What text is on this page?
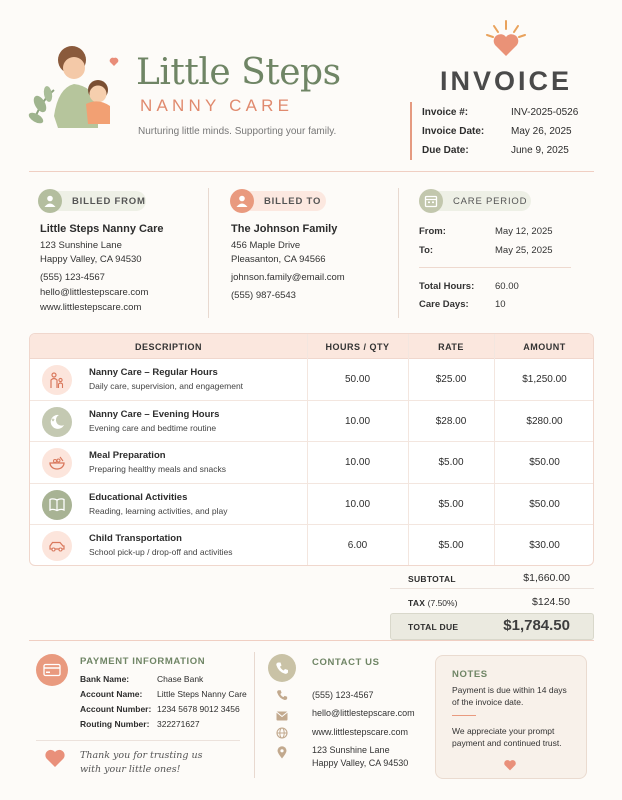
Little Steps
NANNY CARE
Nurturing little minds. Supporting your family.
INVOICE
Invoice #:	INV-2025-0526
Invoice Date:	May 26, 2025
Due Date:	June 9, 2025
BILLED FROM
Little Steps Nanny Care
123 Sunshine Lane
Happy Valley, CA 94530
(555) 123-4567
hello@littlestepscare.com
www.littlestepscare.com
BILLED TO
The Johnson Family
456 Maple Drive
Pleasanton, CA 94566
johnson.family@email.com
(555) 987-6543
CARE PERIOD
From:	May 12, 2025
To:	May 25, 2025
Total Hours: 60.00
Care Days:	10
DESCRIPTION	HOURS / QTY	RATE	AMOUNT
Nanny Care – Regular Hours
Daily care, supervision, and engagement
50.00	$25.00	$1,250.00
Nanny Care – Evening Hours
Evening care and bedtime routine
10.00	$28.00	$280.00
Meal Preparation
Preparing healthy meals and snacks
10.00	$5.00	$50.00
Educational Activities
Reading, learning activities, and play
10.00	$5.00	$50.00
Child Transportation
School pick-up / drop-off and activities
6.00	$5.00	$30.00
SUBTOTAL	$1,660.00
TAX (7.50%)	$124.50
TOTAL DUE	$1,784.50
PAYMENT INFORMATION
Bank Name:	Chase Bank
Account Name: Little Steps Nanny Care
Account Number: 1234 5678 9012 3456
Routing Number: 322271627
Thank you for trusting us
with your little ones!
CONTACT US
(555) 123-4567
hello@littlestepscare.com
www.littlestepscare.com
123 Sunshine Lane
Happy Valley, CA 94530
NOTES
Payment is due within 14 days
of the invoice date.
We appreciate your prompt
payment and continued trust.
